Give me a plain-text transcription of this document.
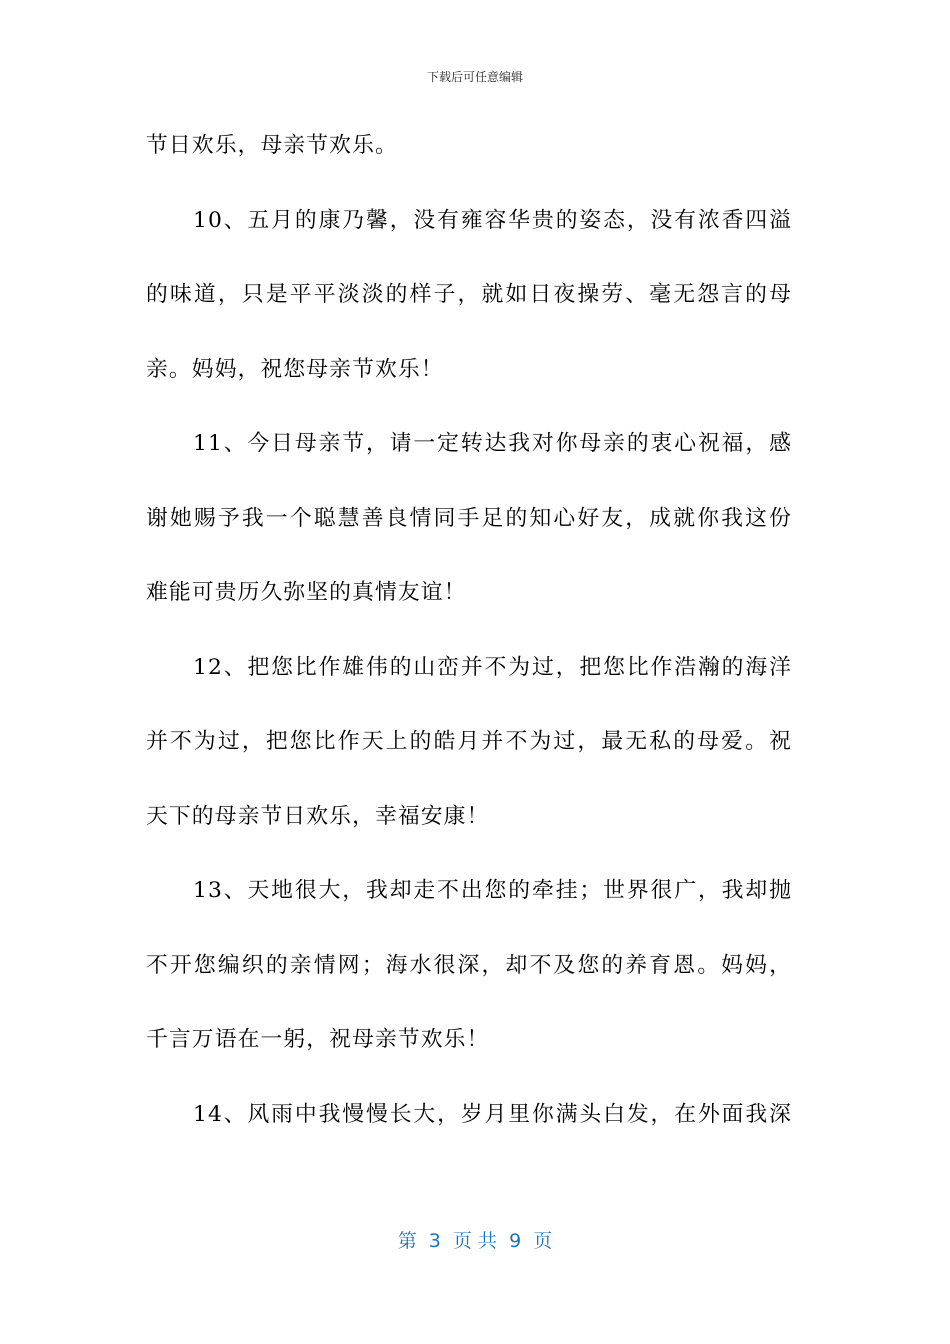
下载后可任意编辑
节日欢乐，母亲节欢乐。
10、五月的康乃馨，没有雍容华贵的姿态，没有浓香四溢
的味道，只是平平淡淡的样子，就如日夜操劳、毫无怨言的母
亲。妈妈，祝您母亲节欢乐！
11、今日母亲节，请一定转达我对你母亲的衷心祝福，感
谢她赐予我一个聪慧善良情同手足的知心好友，成就你我这份
难能可贵历久弥坚的真情友谊！
12、把您比作雄伟的山峦并不为过，把您比作浩瀚的海洋
并不为过，把您比作天上的皓月并不为过，最无私的母爱。祝
天下的母亲节日欢乐，幸福安康！
13、天地很大，我却走不出您的牵挂；世界很广，我却抛
不开您编织的亲情网；海水很深，却不及您的养育恩。妈妈，
千言万语在一躬，祝母亲节欢乐！
14、风雨中我慢慢长大，岁月里你满头白发，在外面我深
第  3  页 共  9  页
